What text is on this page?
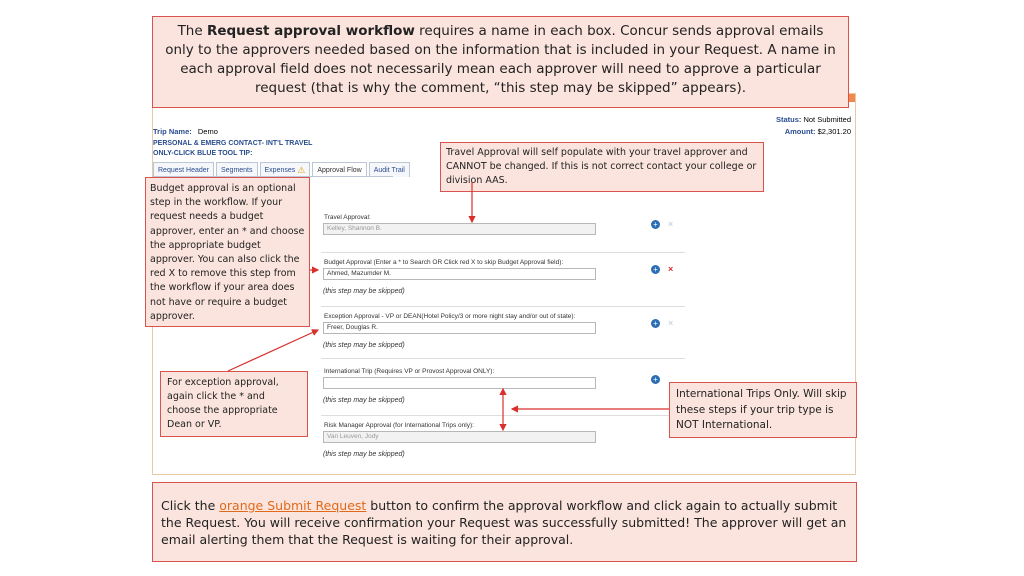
Trip Name: Demo
PERSONAL & EMERG CONTACT- INT'L TRAVEL
ONLY-CLICK BLUE TOOL TIP:
Status: Not Submitted
Amount: $2,301.20
Request Header Segments Expenses ⚠ Approval Flow Audit Trail
Travel Approval:
Kelley, Shannon B.	+ ×
Budget Approval (Enter a * to Search OR Click red X to skip Budget Approval field):
Ahmed, Mazumder M.	+ ×
(this step may be skipped)
Exception Approval - VP or DEAN(Hotel Policy/3 or more night stay and/or out of state):
Freer, Douglas R.	+ ×
(this step may be skipped)
International Trip (Requires VP or Provost Approval ONLY):
+
(this step may be skipped)
Risk Manager Approval (for International Trips only):
Van Leuven, Jody
(this step may be skipped)
The Request approval workflow requires a name in each box. Concur sends approval emails only to the approvers needed based on the information that is included in your Request. A name in each approval field does not necessarily mean each approver will need to approve a particular request (that is why the comment, “this step may be skipped” appears).
Travel Approval will self populate with your travel approver and CANNOT be changed. If this is not correct contact your college or division AAS.
Budget approval is an optional step in the workflow. If your request needs a budget approver, enter an * and choose the appropriate budget approver. You can also click the red X to remove this step from the workflow if your area does not have or require a budget approver.
For exception approval, again click the * and choose the appropriate Dean or VP.
International Trips Only. Will skip these steps if your trip type is NOT International.
Click the orange Submit Request button to confirm the approval workflow and click again to actually submit the Request. You will receive confirmation your Request was successfully submitted! The approver will get an email alerting them that the Request is waiting for their approval.
